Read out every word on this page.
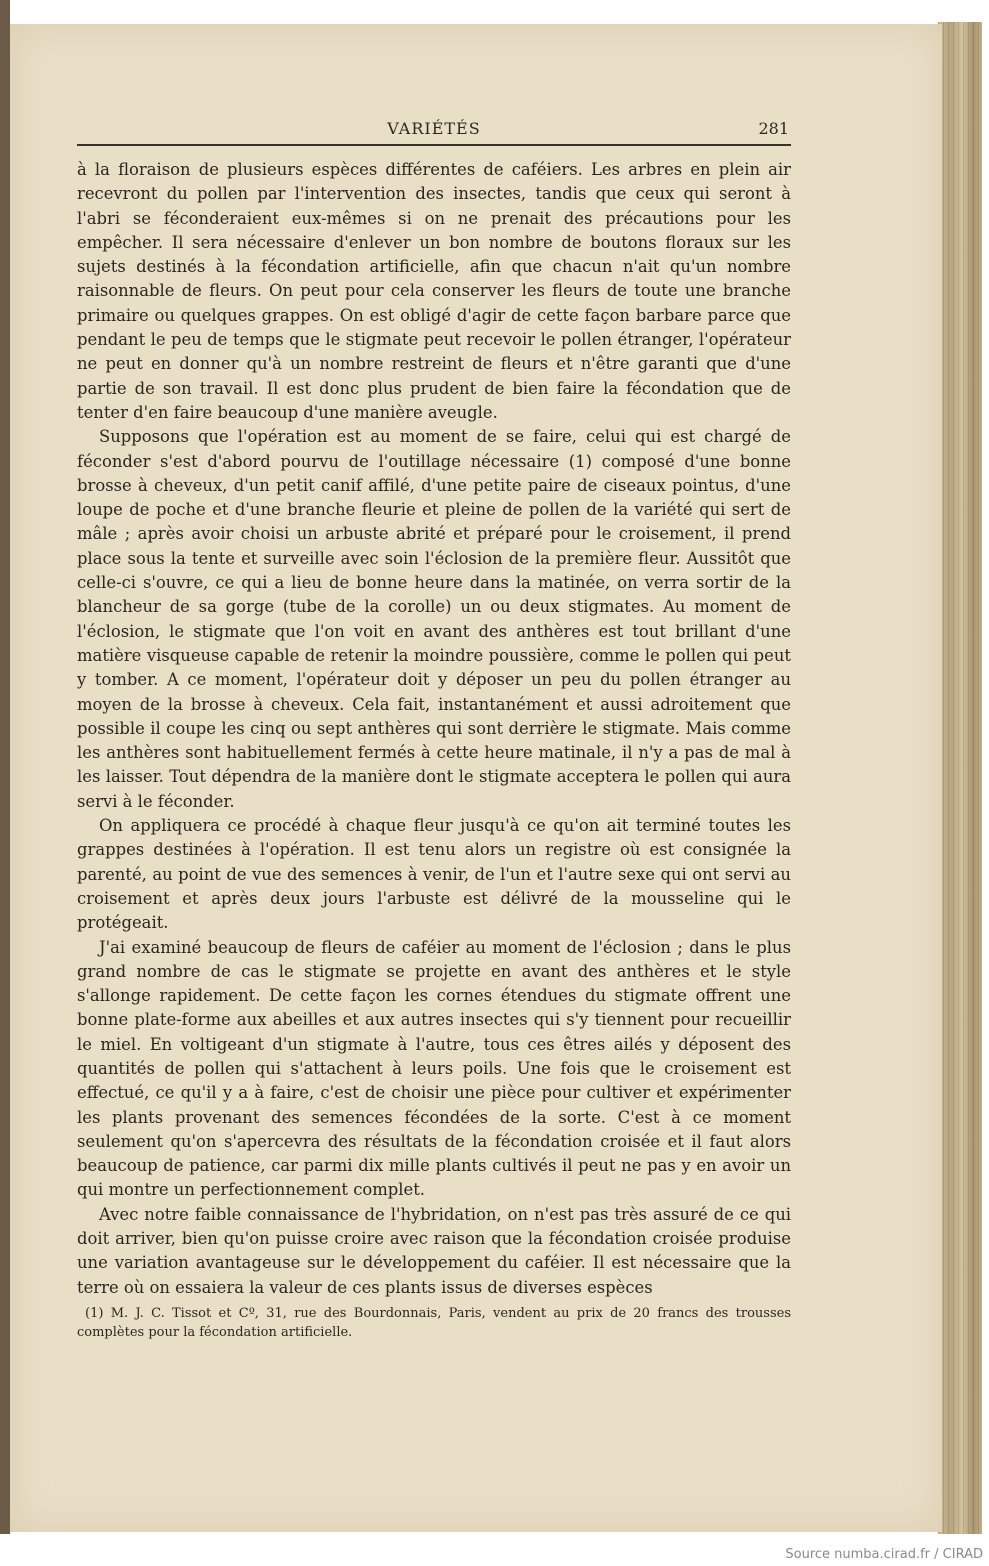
VARIÉTÉS	281

à la floraison de plusieurs espèces différentes de caféiers. Les arbres en plein air recevront du pollen par l'intervention des insectes, tandis que ceux qui seront à l'abri se féconderaient eux-mêmes si on ne prenait des précautions pour les empêcher. Il sera nécessaire d'enlever un bon nombre de boutons floraux sur les sujets destinés à la fécondation artificielle, afin que chacun n'ait qu'un nombre raisonnable de fleurs. On peut pour cela conserver les fleurs de toute une branche primaire ou quelques grappes. On est obligé d'agir de cette façon barbare parce que pendant le peu de temps que le stigmate peut recevoir le pollen étranger, l'opérateur ne peut en donner qu'à un nombre restreint de fleurs et n'être garanti que d'une partie de son travail. Il est donc plus prudent de bien faire la fécondation que de tenter d'en faire beaucoup d'une manière aveugle.

Supposons que l'opération est au moment de se faire, celui qui est chargé de féconder s'est d'abord pourvu de l'outillage nécessaire (1) composé d'une bonne brosse à cheveux, d'un petit canif affilé, d'une petite paire de ciseaux pointus, d'une loupe de poche et d'une branche fleurie et pleine de pollen de la variété qui sert de mâle ; après avoir choisi un arbuste abrité et préparé pour le croisement, il prend place sous la tente et surveille avec soin l'éclosion de la première fleur. Aussitôt que celle-ci s'ouvre, ce qui a lieu de bonne heure dans la matinée, on verra sortir de la blancheur de sa gorge (tube de la corolle) un ou deux stigmates. Au moment de l'éclosion, le stigmate que l'on voit en avant des anthères est tout brillant d'une matière visqueuse capable de retenir la moindre poussière, comme le pollen qui peut y tomber. A ce moment, l'opérateur doit y déposer un peu du pollen étranger au moyen de la brosse à cheveux. Cela fait, instantanément et aussi adroitement que possible il coupe les cinq ou sept anthères qui sont derrière le stigmate. Mais comme les anthères sont habituellement fermés à cette heure matinale, il n'y a pas de mal à les laisser. Tout dépendra de la manière dont le stigmate acceptera le pollen qui aura servi à le féconder.

On appliquera ce procédé à chaque fleur jusqu'à ce qu'on ait terminé toutes les grappes destinées à l'opération. Il est tenu alors un registre où est consignée la parenté, au point de vue des semences à venir, de l'un et l'autre sexe qui ont servi au croisement et après deux jours l'arbuste est délivré de la mousseline qui le protégeait.

J'ai examiné beaucoup de fleurs de caféier au moment de l'éclosion ; dans le plus grand nombre de cas le stigmate se projette en avant des anthères et le style s'allonge rapidement. De cette façon les cornes étendues du stigmate offrent une bonne plate-forme aux abeilles et aux autres insectes qui s'y tiennent pour recueillir le miel. En voltigeant d'un stigmate à l'autre, tous ces êtres ailés y déposent des quantités de pollen qui s'attachent à leurs poils. Une fois que le croisement est effectué, ce qu'il y a à faire, c'est de choisir une pièce pour cultiver et expérimenter les plants provenant des semences fécondées de la sorte. C'est à ce moment seulement qu'on s'apercevra des résultats de la fécondation croisée et il faut alors beaucoup de patience, car parmi dix mille plants cultivés il peut ne pas y en avoir un qui montre un perfectionnement complet.

Avec notre faible connaissance de l'hybridation, on n'est pas très assuré de ce qui doit arriver, bien qu'on puisse croire avec raison que la fécondation croisée produise une variation avantageuse sur le développement du caféier. Il est nécessaire que la terre où on essaiera la valeur de ces plants issus de diverses espèces

(1) M. J. C. Tissot et Cº, 31, rue des Bourdonnais, Paris, vendent au prix de 20 francs des trousses complètes pour la fécondation artificielle.

Source numba.cirad.fr / CIRAD
